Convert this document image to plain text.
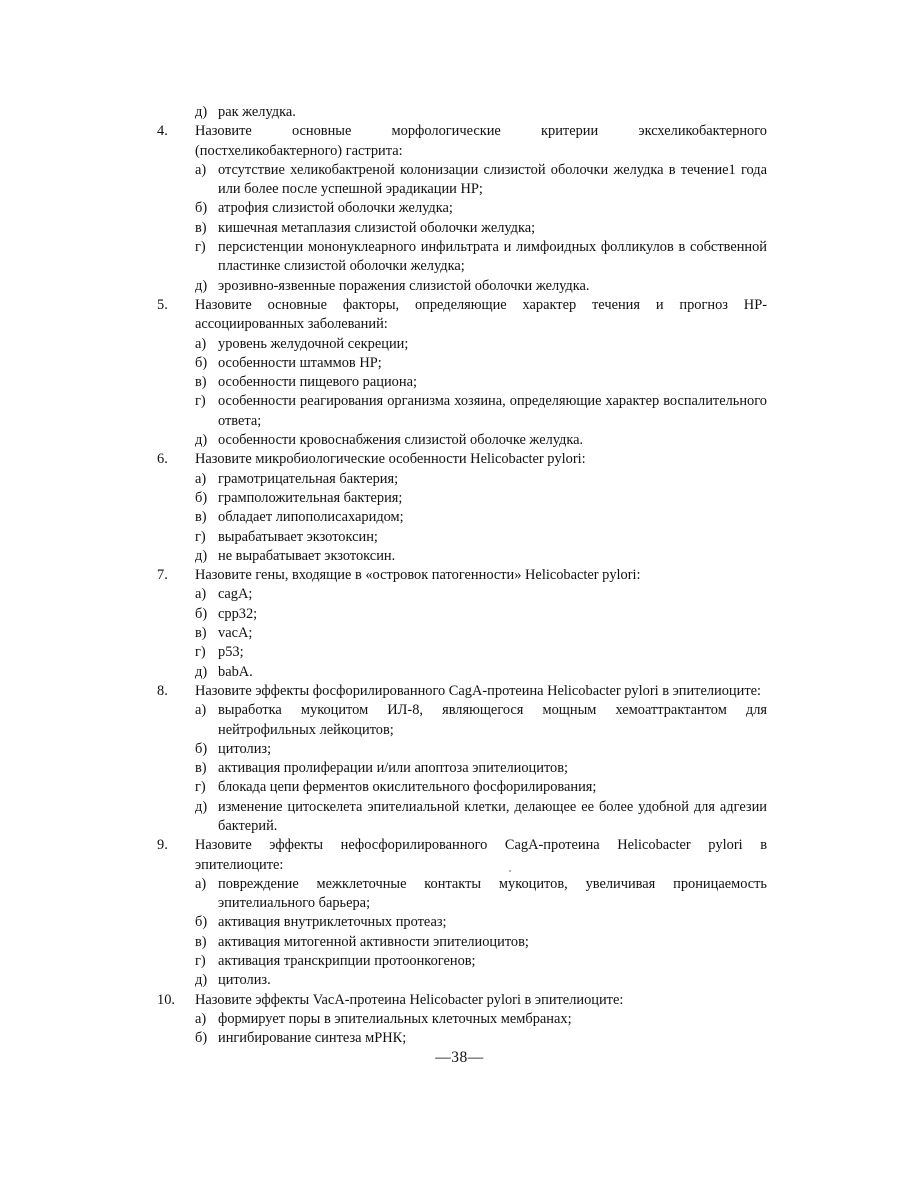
д) рак желудка.
4.	Назовите основные морфологические критерии эксхеликобактерного (постхеликобактерного) гастрита:
а) отсутствие хеликобактреной колонизации слизистой оболочки желудка в течение1 года или более после успешной эрадикации HP;
б) атрофия слизистой оболочки желудка;
в) кишечная метаплазия слизистой оболочки желудка;
г) персистенции мононуклеарного инфильтрата и лимфоидных фолликулов в собственной пластинке слизистой оболочки желудка;
д) эрозивно-язвенные поражения слизистой оболочки желудка.
5.	Назовите основные факторы, определяющие характер течения и прогноз HP-ассоциированных заболеваний:
а) уровень желудочной секреции;
б) особенности штаммов HP;
в) особенности пищевого рациона;
г) особенности реагирования организма хозяина, определяющие характер воспалительного ответа;
д) особенности кровоснабжения слизистой оболочке желудка.
6.	Назовите микробиологические особенности Helicobacter pylori:
а) грамотрицательная бактерия;
б) грамположительная бактерия;
в) обладает липополисахаридом;
г) вырабатывает экзотоксин;
д) не вырабатывает экзотоксин.
7.	Назовите гены, входящие в «островок патогенности» Helicobacter pylori:
а) cagA;
б) cpp32;
в) vacA;
г) p53;
д) babA.
8.	Назовите эффекты фосфорилированного CagA-протеина Helicobacter pylori в эпителиоците:
а) выработка мукоцитом ИЛ-8, являющегося мощным хемоаттрактантом для нейтрофильных лейкоцитов;
б) цитолиз;
в) активация пролиферации и/или апоптоза эпителиоцитов;
г) блокада цепи ферментов окислительного фосфорилирования;
д) изменение цитоскелета эпителиальной клетки, делающее ее более удобной для адгезии бактерий.
9.	Назовите эффекты нефосфорилированного CagA-протеина Helicobacter pylori в эпителиоците:
а) повреждение межклеточные контакты мукоцитов, увеличивая проницаемость эпителиального барьера;
б) активация внутриклеточных протеаз;
в) активация митогенной активности эпителиоцитов;
г) активация транскрипции протоонкогенов;
д) цитолиз.
10.	Назовите эффекты VacA-протеина Helicobacter pylori в эпителиоците:
а) формирует поры в эпителиальных клеточных мембранах;
б) ингибирование синтеза мРНК;
—38—
